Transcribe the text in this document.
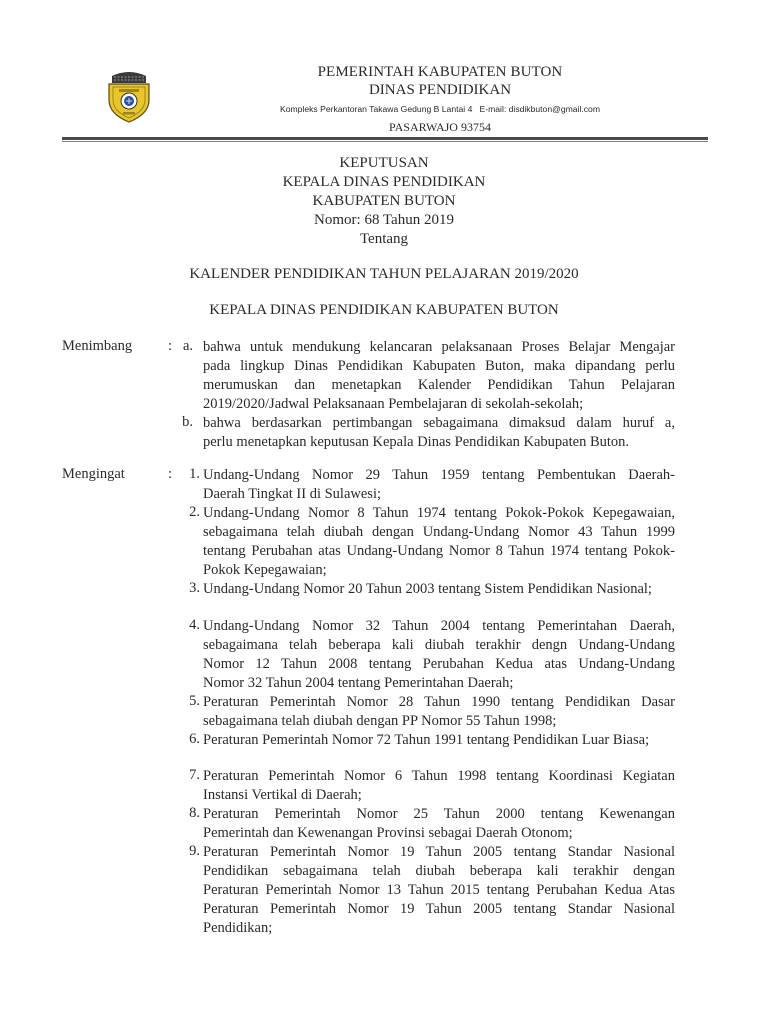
PEMERINTAH KABUPATEN BUTON
DINAS PENDIDIKAN
Kompleks Perkantoran Takawa Gedung B Lantai 4   E-mail: disdikbuton@gmail.com
PASARWAJO 93754
KEPUTUSAN
KEPALA DINAS PENDIDIKAN
KABUPATEN BUTON
Nomor: 68 Tahun 2019
Tentang
KALENDER PENDIDIKAN TAHUN PELAJARAN 2019/2020
KEPALA DINAS PENDIDIKAN KABUPATEN BUTON
Menimbang : a. bahwa untuk mendukung kelancaran pelaksanaan Proses Belajar Mengajar
pada lingkup Dinas Pendidikan Kabupaten Buton, maka dipandang perlu
merumuskan dan menetapkan Kalender Pendidikan Tahun Pelajaran
2019/2020/Jadwal Pelaksanaan Pembelajaran di sekolah-sekolah;
b. bahwa berdasarkan pertimbangan sebagaimana dimaksud dalam huruf a,
perlu menetapkan keputusan Kepala Dinas Pendidikan Kabupaten Buton.
Mengingat	:	1. Undang-Undang Nomor 29 Tahun 1959 tentang Pembentukan Daerah-
Daerah Tingkat II di Sulawesi;
2. Undang-Undang Nomor 8 Tahun 1974 tentang Pokok-Pokok Kepegawaian,
sebagaimana telah diubah dengan Undang-Undang Nomor 43 Tahun 1999
tentang Perubahan atas Undang-Undang Nomor 8 Tahun 1974 tentang Pokok-
Pokok Kepegawaian;
3. Undang-Undang Nomor 20 Tahun 2003 tentang Sistem Pendidikan Nasional;
4. Undang-Undang Nomor 32 Tahun 2004 tentang Pemerintahan Daerah,
sebagaimana telah beberapa kali diubah terakhir dengn Undang-Undang
Nomor 12 Tahun 2008 tentang Perubahan Kedua atas Undang-Undang
Nomor 32 Tahun 2004 tentang Pemerintahan Daerah;
5. Peraturan Pemerintah Nomor 28 Tahun 1990 tentang Pendidikan Dasar
sebagaimana telah diubah dengan PP Nomor 55 Tahun 1998;
6. Peraturan Pemerintah Nomor 72 Tahun 1991 tentang Pendidikan Luar Biasa;
7. Peraturan Pemerintah Nomor 6 Tahun 1998 tentang Koordinasi Kegiatan
Instansi Vertikal di Daerah;
8. Peraturan Pemerintah Nomor 25 Tahun 2000 tentang Kewenangan
Pemerintah dan Kewenangan Provinsi sebagai Daerah Otonom;
9. Peraturan Pemerintah Nomor 19 Tahun 2005 tentang Standar Nasional
Pendidikan sebagaimana telah diubah beberapa kali terakhir dengan
Peraturan Pemerintah Nomor 13 Tahun 2015 tentang Perubahan Kedua Atas
Peraturan Pemerintah Nomor 19 Tahun 2005 tentang Standar Nasional
Pendidikan;
